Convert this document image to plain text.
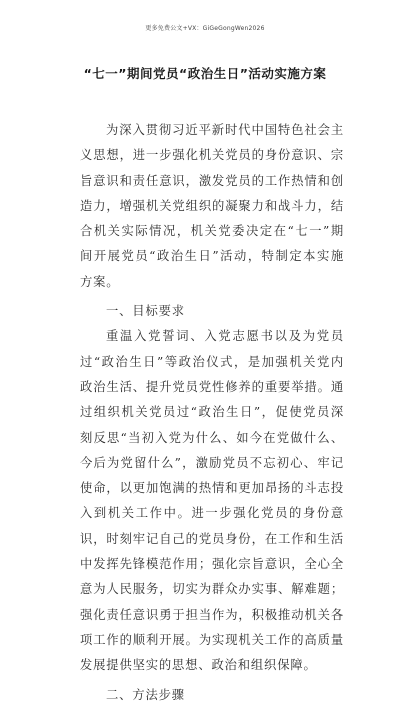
更多免费公文+VX：GiGeGongWen2026
“七一”期间党员“政治生日”活动实施方案

为深入贯彻习近平新时代中国特色社会主义思想，进一步强化机关党员的身份意识、宗旨意识和责任意识，激发党员的工作热情和创造力，增强机关党组织的凝聚力和战斗力，结合机关实际情况，机关党委决定在“七一”期间开展党员“政治生日”活动，特制定本实施方案。

一、目标要求

重温入党誓词、入党志愿书以及为党员过“政治生日”等政治仪式，是加强机关党内政治生活、提升党员党性修养的重要举措。通过组织机关党员过“政治生日”，促使党员深刻反思“当初入党为什么、如今在党做什么、今后为党留什么”，激励党员不忘初心、牢记使命，以更加饱满的热情和更加昂扬的斗志投入到机关工作中。进一步强化党员的身份意识，时刻牢记自己的党员身份，在工作和生活中发挥先锋模范作用；强化宗旨意识，全心全意为人民服务，切实为群众办实事、解难题；强化责任意识勇于担当作为，积极推动机关各项工作的顺利开展。为实现机关工作的高质量发展提供坚实的思想、政治和组织保障。

二、方法步骤
